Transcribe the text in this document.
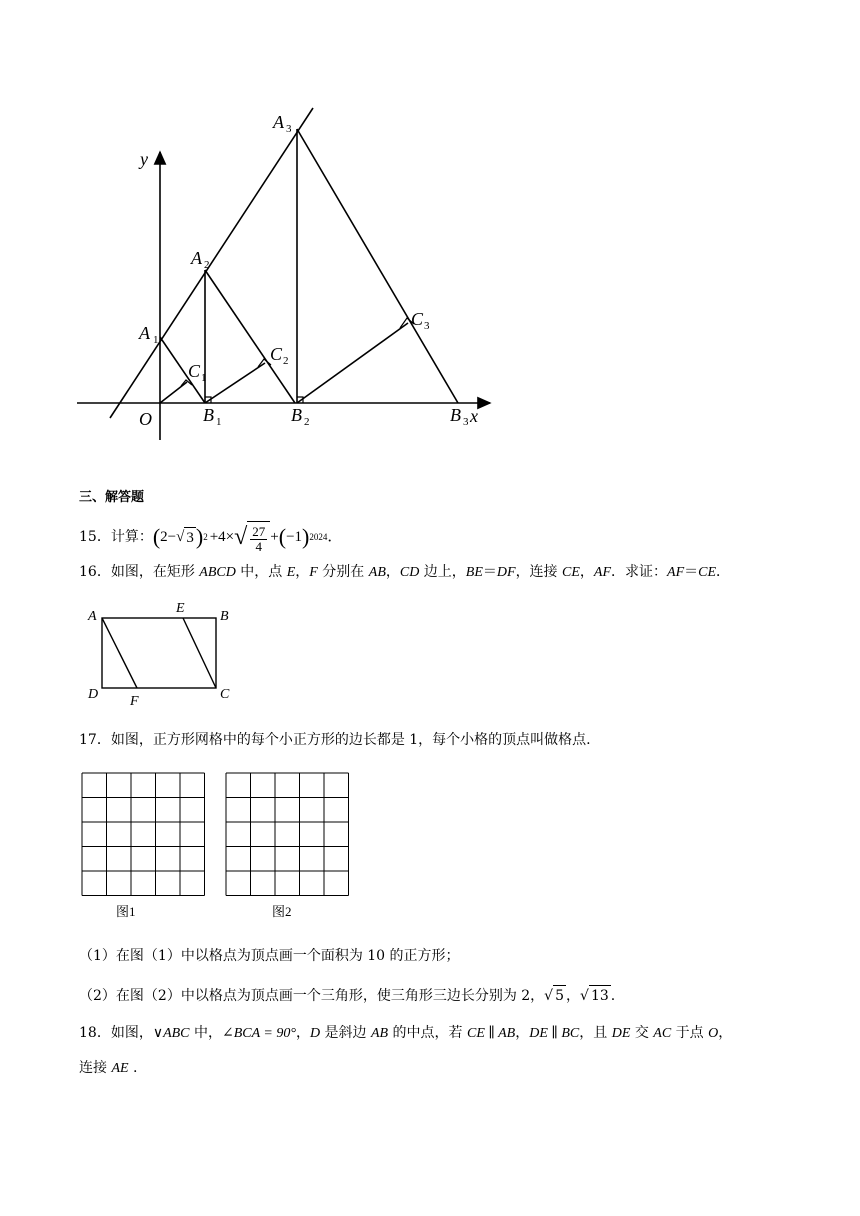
y
x
O
A 1
A 2
A 3
B 1	B 2	B 3
C 1
C 2
C 3
三、解答题
15．计算： ( 2 − √ 3 ) 2 +4× √ $\frac{27}{4}$ + ( −1 ) 2024 ．
16．如图，在矩形 ABCD 中，点 E，F 分别在 AB，CD 边上，BE＝DF，连接 CE，AF．求证：AF＝CE．
A	B
C
D
E
F
17．如图，正方形网格中的每个小正方形的边长都是 1，每个小格的顶点叫做格点.
图1	图2
（1）在图（1）中以格点为顶点画一个面积为 10 的正方形；
（2）在图（2）中以格点为顶点画一个三角形，使三角形三边长分别为 2， √ 5 ， √ 13 .
18．如图，∨ABC 中，∠BCA = 90°，D 是斜边 AB 的中点，若 CE ∥ AB，DE ∥ BC，且 DE 交 AC 于点 O，
连接 AE .
